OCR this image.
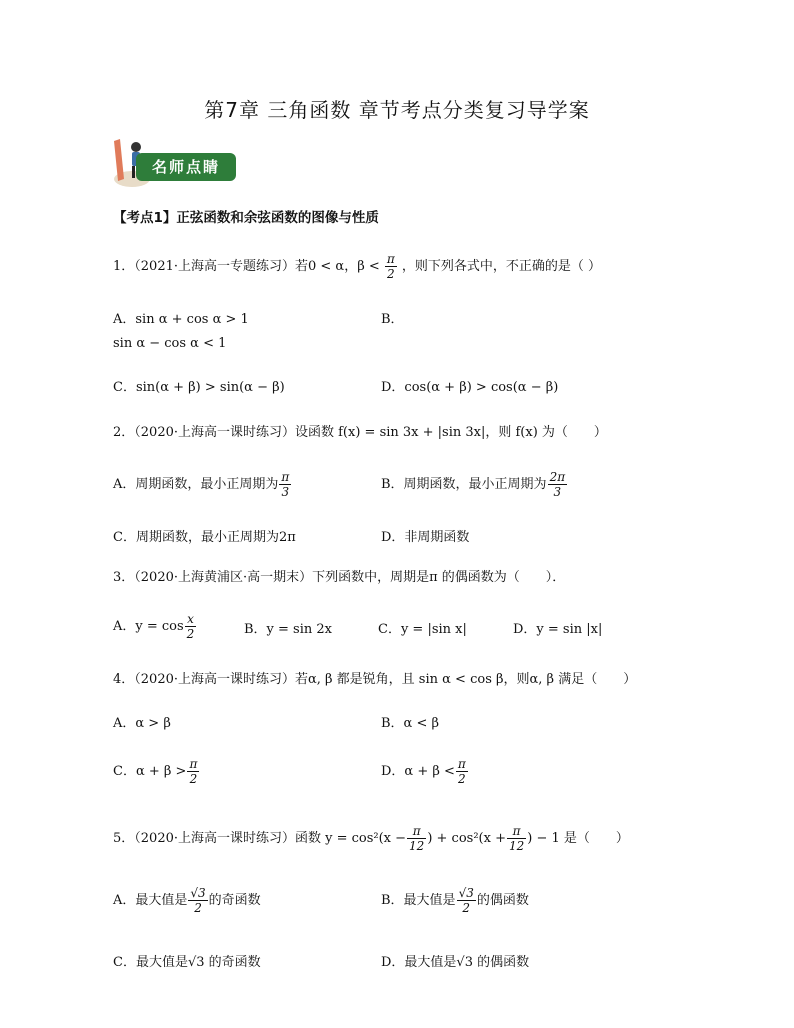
第7章 三角函数 章节考点分类复习导学案
名师点睛
【考点1】正弦函数和余弦函数的图像与性质
1．（2021·上海高一专题练习）若0 < α，$\beta < \frac{\pi}{2}$ ，则下列各式中，不正确的是（ ）
A．sin α + cos α > 1	B．
sin α − cos α < 1
C．sin(α + β) > sin(α − β)	D．cos(α + β) > cos(α − β)
2．（2020·上海高一课时练习）设函数 f(x) = sin 3x + |sin 3x|，则 f(x) 为（　　）
A．周期函数，最小正周期为 $\frac{\pi}{3}$	B．周期函数，最小正周期为 $\frac{2\pi}{3}$
C．周期函数，最小正周期为2π	D．非周期函数
3．（2020·上海黄浦区·高一期末）下列函数中，周期是π 的偶函数为（　　）．
A．$y = \cos \frac{x}{2}$	B．y = sin 2x	C．y = |sin x|	D．y = sin |x|
4．（2020·上海高一课时练习）若α, β 都是锐角，且 sin α < cos β，则α, β 满足（　　）
A．α > β	B．α < β
C．$\alpha + \beta > \frac{\pi}{2}$	D．$\alpha + \beta < \frac{\pi}{2}$
5．（2020·上海高一课时练习）函数 $y = \cos^2(x - \frac{\pi}{12}$ ) + $\cos^2(x + \frac{\pi}{12}$ ) − 1 是（　　）
A．最大值是 $\frac{√3}{2}$ 的奇函数	B．最大值是 $\frac{√3}{2}$ 的偶函数
C．最大值是√3 的奇函数	D．最大值是√3 的偶函数
